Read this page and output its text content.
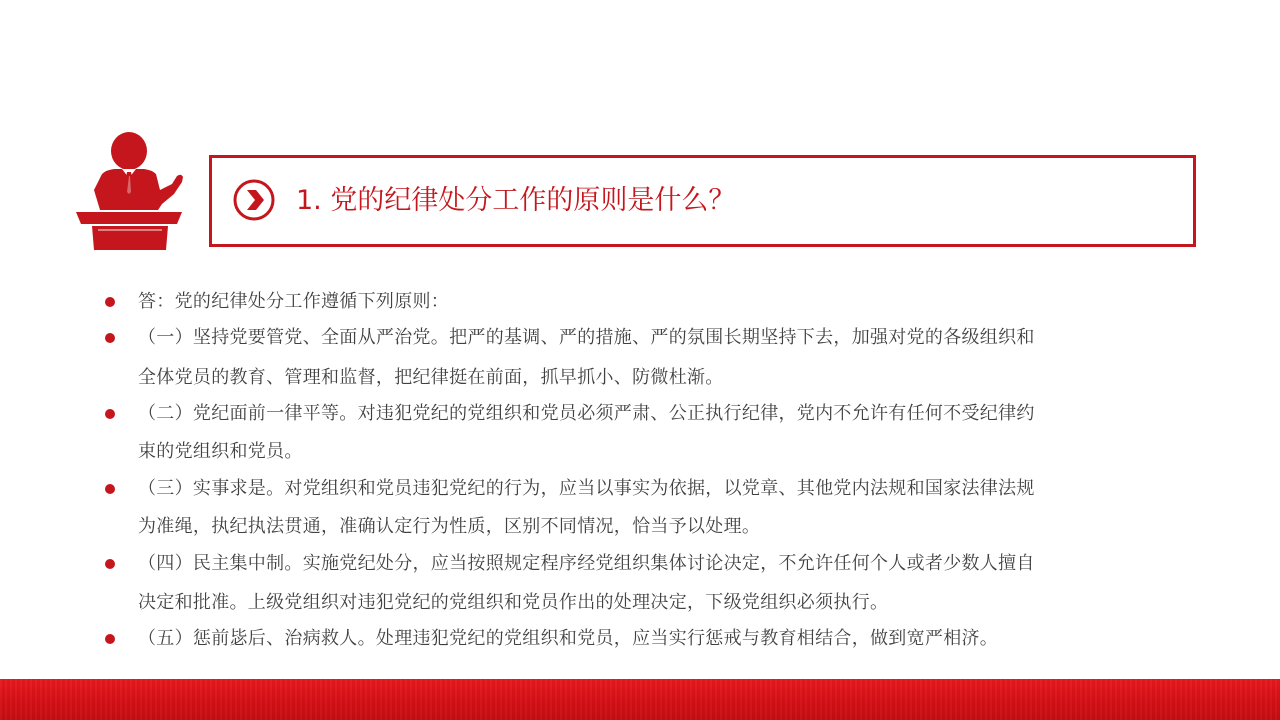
1. 党的纪律处分工作的原则是什么？
答：党的纪律处分工作遵循下列原则：
（一）坚持党要管党、全面从严治党。把严的基调、严的措施、严的氛围长期坚持下去，加强对党的各级组织和
全体党员的教育、管理和监督，把纪律挺在前面，抓早抓小、防微杜渐。
（二）党纪面前一律平等。对违犯党纪的党组织和党员必须严肃、公正执行纪律，党内不允许有任何不受纪律约
束的党组织和党员。
（三）实事求是。对党组织和党员违犯党纪的行为，应当以事实为依据，以党章、其他党内法规和国家法律法规
为准绳，执纪执法贯通，准确认定行为性质，区别不同情况，恰当予以处理。
（四）民主集中制。实施党纪处分，应当按照规定程序经党组织集体讨论决定，不允许任何个人或者少数人擅自
决定和批准。上级党组织对违犯党纪的党组织和党员作出的处理决定，下级党组织必须执行。
（五）惩前毖后、治病救人。处理违犯党纪的党组织和党员，应当实行惩戒与教育相结合，做到宽严相济。
